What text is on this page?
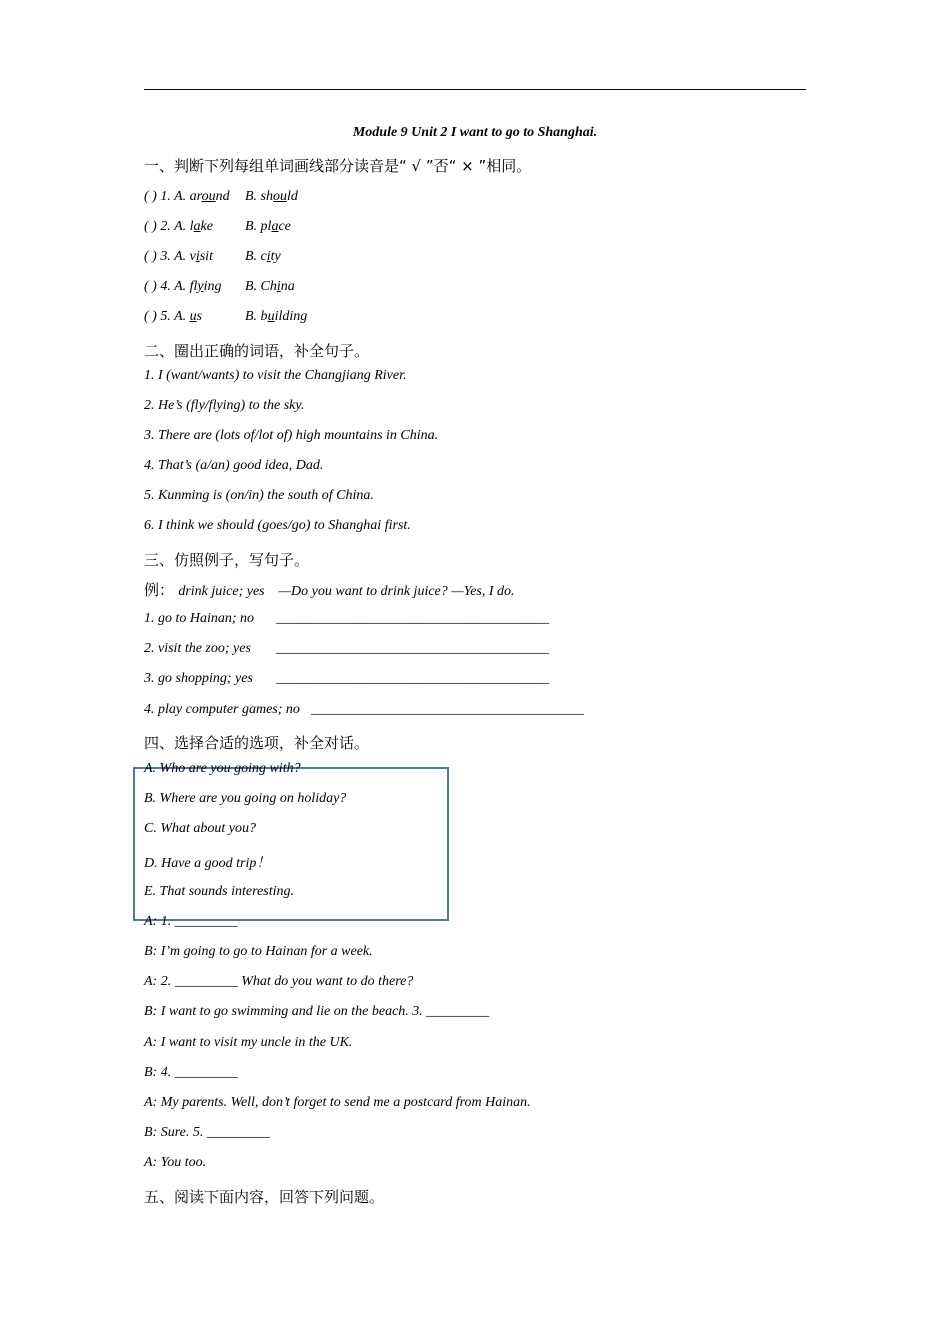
Module 9 Unit 2 I want to go to Shanghai.
一、判断下列每组单词画线部分读音是“ √ ”否“ × ”相同。
( ) 1. A. around B. should
( ) 2. A. lake B. place
( ) 3. A. visit B. city
( ) 4. A. flying B. China
( ) 5. A. us	B. building
二、圈出正确的词语，补全句子。
1. I (want/wants) to visit the Changjiang River.
2. He’s (fly/flying) to the sky.
3. There are (lots of/lot of) high mountains in China.
4. That’s (a/an) good idea, Dad.
5. Kunming is (on/in) the south of China.
6. I think we should (goes/go) to Shanghai first.
三、仿照例子，写句子。
例： drink juice; yes    —Do you want to drink juice? —Yes, I do.
1. go to Hainan; no _______________________________________
2. visit the zoo; yes _______________________________________
3. go shopping; yes _______________________________________
4. play computer games; no _______________________________________
四、选择合适的选项，补全对话。
A. Who are you going with?
B. Where are you going on holiday?
C. What about you?
D. Have a good trip！
E. That sounds interesting.
A: 1. _________
B: I’m going to go to Hainan for a week.
A: 2. _________ What do you want to do there?
B: I want to go swimming and lie on the beach. 3. _________
A: I want to visit my uncle in the UK.
B: 4. _________
A: My parents. Well, don’t forget to send me a postcard from Hainan.
B: Sure. 5. _________
A: You too.
五、阅读下面内容，回答下列问题。
